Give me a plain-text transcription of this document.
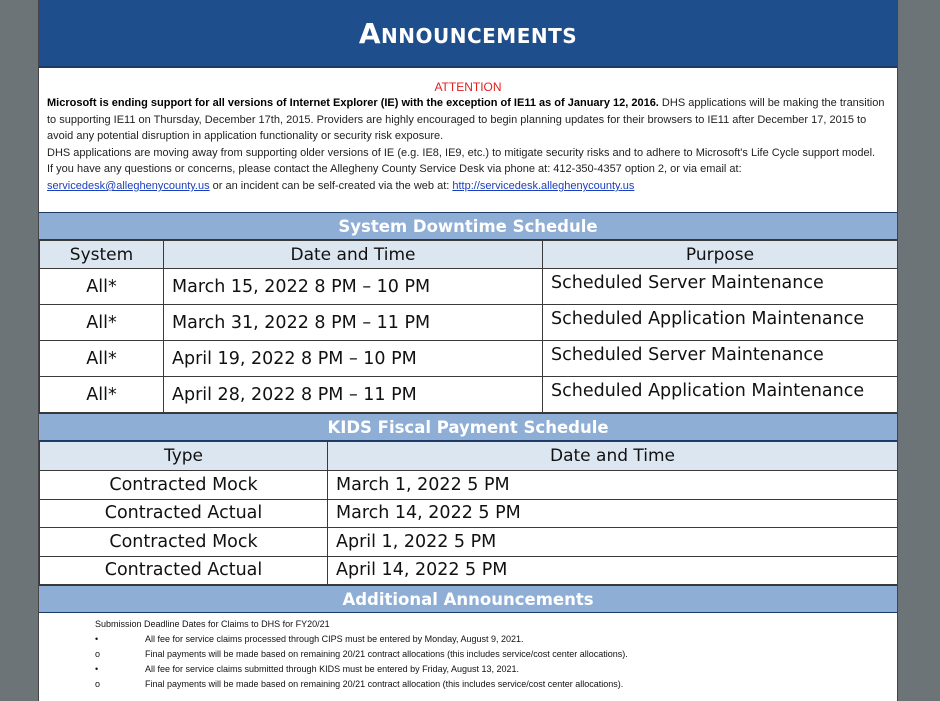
Announcements
ATTENTION
Microsoft is ending support for all versions of Internet Explorer (IE) with the exception of IE11 as of January 12, 2016. DHS applications will be making the transition to supporting IE11 on Thursday, December 17th, 2015. Providers are highly encouraged to begin planning updates for their browsers to IE11 after December 17, 2015 to avoid any potential disruption in application functionality or security risk exposure.
DHS applications are moving away from supporting older versions of IE (e.g. IE8, IE9, etc.) to mitigate security risks and to adhere to Microsoft's Life Cycle support model.
If you have any questions or concerns, please contact the Allegheny County Service Desk via phone at: 412-350-4357 option 2, or via email at: servicedesk@alleghenycounty.us or an incident can be self-created via the web at: http://servicedesk.alleghenycounty.us
System Downtime Schedule
System	Date and Time	Purpose
All*	March 15, 2022 8 PM – 10 PM	Scheduled Server Maintenance
All*	March 31, 2022 8 PM – 11 PM	Scheduled Application Maintenance
All*	April 19, 2022 8 PM – 10 PM	Scheduled Server Maintenance
All*	April 28, 2022 8 PM – 11 PM	Scheduled Application Maintenance
KIDS Fiscal Payment Schedule
Type	Date and Time
Contracted Mock	March 1, 2022 5 PM
Contracted Actual	March 14, 2022 5 PM
Contracted Mock	April 1, 2022 5 PM
Contracted Actual	April 14, 2022 5 PM
Additional Announcements
Submission Deadline Dates for Claims to DHS for FY20/21
•	All fee for service claims processed through CIPS must be entered by Monday, August 9, 2021.
o	Final payments will be made based on remaining 20/21 contract allocations (this includes service/cost center allocations).
•	All fee for service claims submitted through KIDS must be entered by Friday, August 13, 2021.
o	Final payments will be made based on remaining 20/21 contract allocation (this includes service/cost center allocations).
